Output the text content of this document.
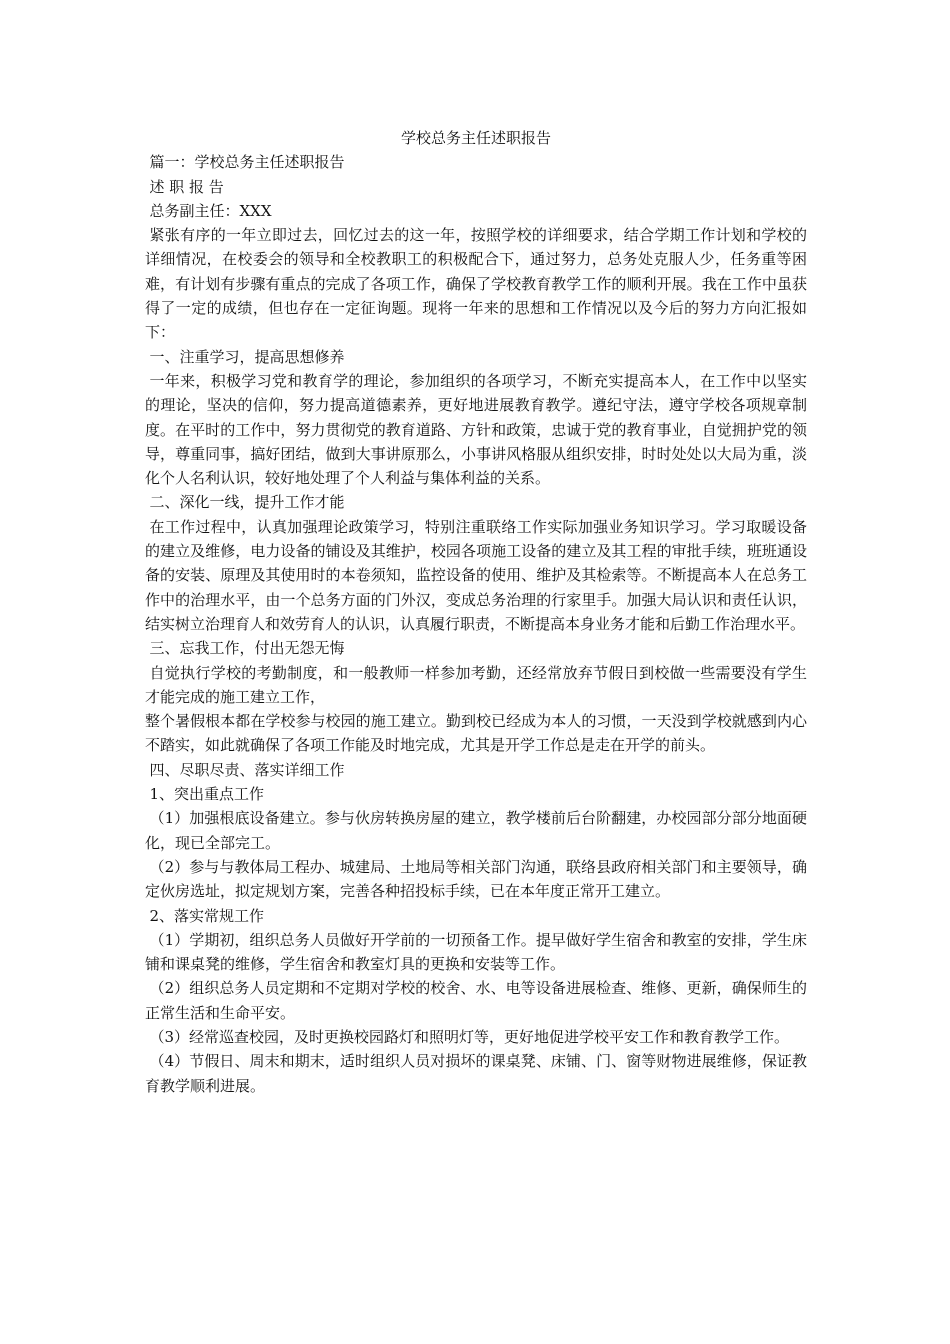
学校总务主任述职报告

篇一：学校总务主任述职报告

述 职 报 告

总务副主任：XXX

紧张有序的一年立即过去，回忆过去的这一年，按照学校的详细要求，结合学期工作计划和学校的详细情况，在校委会的领导和全校教职工的积极配合下，通过努力，总务处克服人少，任务重等困难，有计划有步骤有重点的完成了各项工作，确保了学校教育教学工作的顺利开展。我在工作中虽获得了一定的成绩，但也存在一定征询题。现将一年来的思想和工作情况以及今后的努力方向汇报如下：

一、注重学习，提高思想修养

一年来，积极学习党和教育学的理论，参加组织的各项学习，不断充实提高本人，在工作中以坚实的理论，坚决的信仰，努力提高道德素养，更好地进展教育教学。遵纪守法，遵守学校各项规章制度。在平时的工作中，努力贯彻党的教育道路、方针和政策，忠诚于党的教育事业，自觉拥护党的领导，尊重同事，搞好团结，做到大事讲原那么，小事讲风格服从组织安排，时时处处以大局为重，淡化个人名利认识，较好地处理了个人利益与集体利益的关系。

二、深化一线，提升工作才能

在工作过程中，认真加强理论政策学习，特别注重联络工作实际加强业务知识学习。学习取暖设备的建立及维修，电力设备的铺设及其维护，校园各项施工设备的建立及其工程的审批手续，班班通设备的安装、原理及其使用时的本卷须知，监控设备的使用、维护及其检索等。不断提高本人在总务工作中的治理水平，由一个总务方面的门外汉，变成总务治理的行家里手。加强大局认识和责任认识，结实树立治理育人和效劳育人的认识，认真履行职责，不断提高本身业务才能和后勤工作治理水平。

三、忘我工作，付出无怨无悔

自觉执行学校的考勤制度，和一般教师一样参加考勤，还经常放弃节假日到校做一些需要没有学生才能完成的施工建立工作，

整个暑假根本都在学校参与校园的施工建立。勤到校已经成为本人的习惯，一天没到学校就感到内心不踏实，如此就确保了各项工作能及时地完成，尤其是开学工作总是走在开学的前头。

四、尽职尽责、落实详细工作

1、突出重点工作

（1）加强根底设备建立。参与伙房转换房屋的建立，教学楼前后台阶翻建，办校园部分部分地面硬化，现已全部完工。

（2）参与与教体局工程办、城建局、土地局等相关部门沟通，联络县政府相关部门和主要领导，确定伙房选址，拟定规划方案，完善各种招投标手续，已在本年度正常开工建立。

2、落实常规工作

（1）学期初，组织总务人员做好开学前的一切预备工作。提早做好学生宿舍和教室的安排，学生床铺和课桌凳的维修，学生宿舍和教室灯具的更换和安装等工作。

（2）组织总务人员定期和不定期对学校的校舍、水、电等设备进展检查、维修、更新，确保师生的正常生活和生命平安。

（3）经常巡查校园，及时更换校园路灯和照明灯等，更好地促进学校平安工作和教育教学工作。

（4）节假日、周末和期末，适时组织人员对损坏的课桌凳、床铺、门、窗等财物进展维修，保证教育教学顺利进展。
